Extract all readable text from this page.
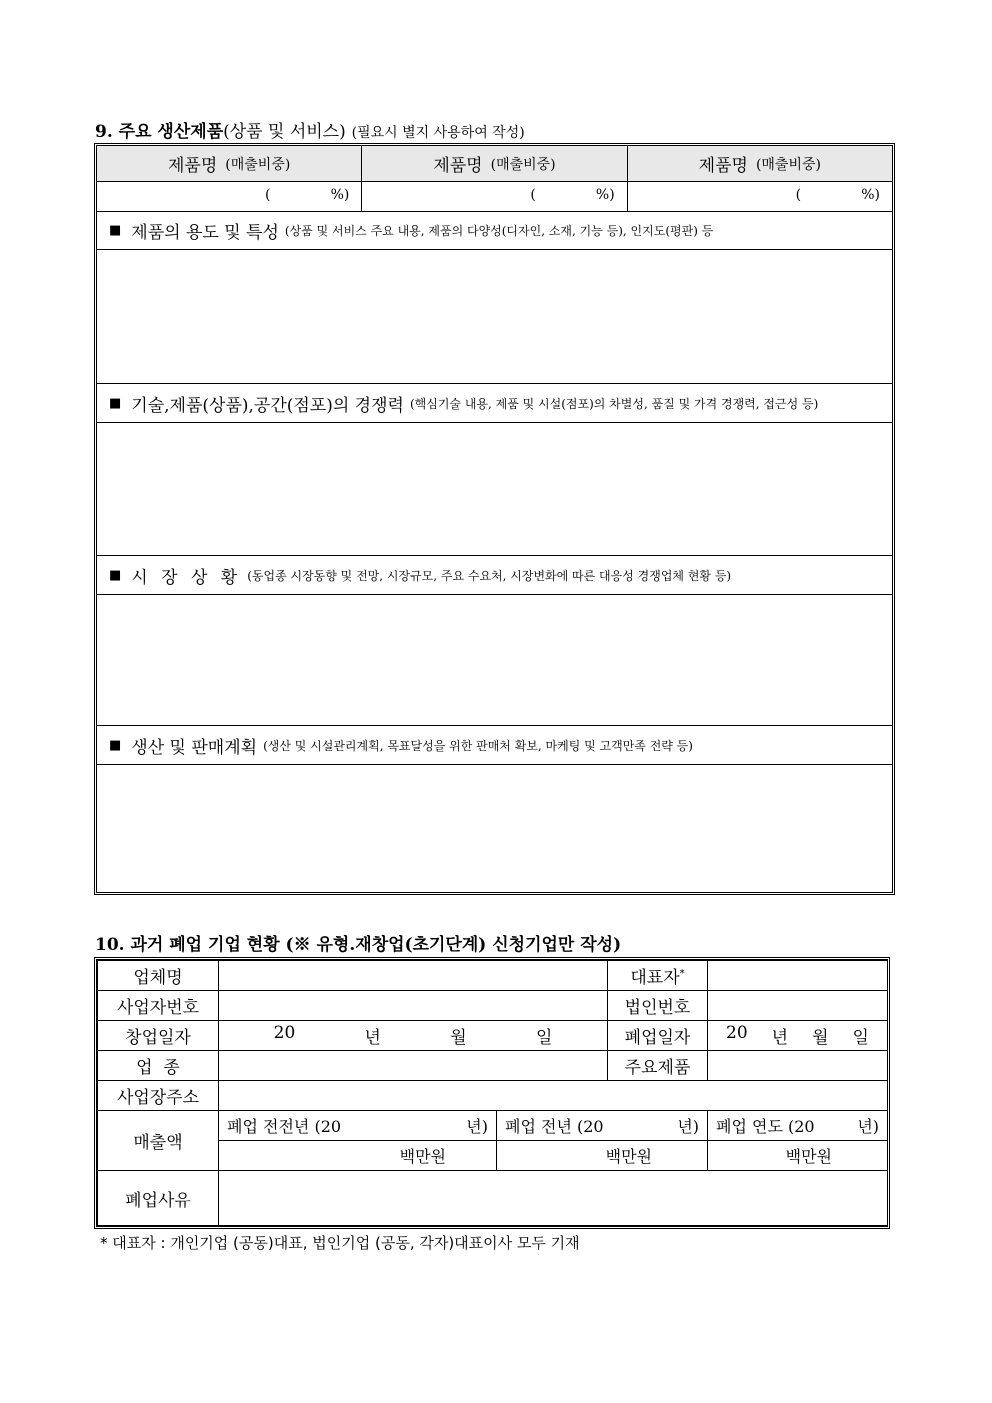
9. 주요 생산제품(상품 및 서비스) (필요시 별지 사용하여 작성)
제품명 (매출비중)	제품명 (매출비중)	제품명 (매출비중)
(	%)	(	%)	(	%)
■ 제품의 용도 및 특성 (상품 및 서비스 주요 내용, 제품의 다양성(디자인, 소재, 기능 등), 인지도(평판) 등
■ 기술,제품(상품),공간(점포)의 경쟁력 (핵심기술 내용, 제품 및 시설(점포)의 차별성, 품질 및 가격 경쟁력, 접근성 등)
■ 시 장 상 황 (동업종 시장동향 및 전망, 시장규모, 주요 수요처, 시장변화에 따른 대응성 경쟁업체 현황 등)
■ 생산 및 판매계획 (생산 및 시설관리계획, 목표달성을 위한 판매처 확보, 마케팅 및 고객만족 전략 등)
10. 과거 폐업 기업 현황 (※ 유형.재창업(초기단계) 신청기업만 작성)
업체명			대표자*	
사업자번호			법인번호	
창업일자	20 년 월 일		폐업일자	20 년 월 일

업  종			주요제품	
사업장주소				
매출액	폐업 전전년 (20 년)	폐업 전년 (20 년)		폐업 연도 (20 년)

	백만원	백만원		백만원
폐업사유				
* 대표자 : 개인기업 (공동)대표, 법인기업 (공동, 각자)대표이사 모두 기재
